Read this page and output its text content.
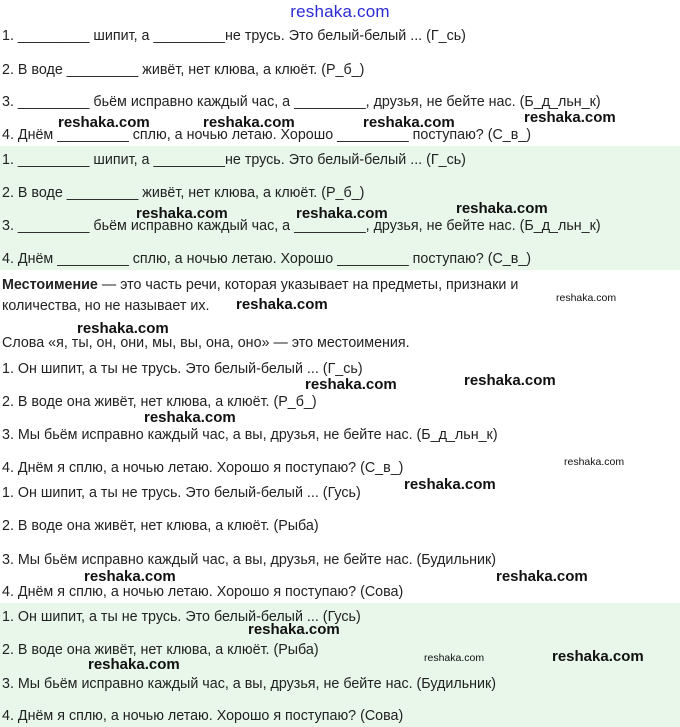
reshaka.com
1. _________ шипит, а _________не трусь. Это белый-белый ... (Г_сь)
2. В воде _________ живёт, нет клюва, а клюёт. (Р_б_)
3. _________ бьём исправно каждый час, а _________, друзья, не бейте нас. (Б_д_льн_к)
4. Днём _________ сплю, а ночью летаю. Хорошо _________ поступаю? (С_в_)
1. _________ шипит, а _________не трусь. Это белый-белый ... (Г_сь)
2. В воде _________ живёт, нет клюва, а клюёт. (Р_б_)
3. _________ бьём исправно каждый час, а _________, друзья, не бейте нас. (Б_д_льн_к)
4. Днём _________ сплю, а ночью летаю. Хорошо _________ поступаю? (С_в_)
Местоимение — это часть речи, которая указывает на предметы, признаки и
количества, но не называет их.
Слова «я, ты, он, они, мы, вы, она, оно» — это местоимения.
1. Он шипит, а ты не трусь. Это белый-белый ... (Г_сь)
2. В воде она живёт, нет клюва, а клюёт. (Р_б_)
3. Мы бьём исправно каждый час, а вы, друзья, не бейте нас. (Б_д_льн_к)
4. Днём я сплю, а ночью летаю. Хорошо я поступаю? (С_в_)
1. Он шипит, а ты не трусь. Это белый-белый ... (Гусь)
2. В воде она живёт, нет клюва, а клюёт. (Рыба)
3. Мы бьём исправно каждый час, а вы, друзья, не бейте нас. (Будильник)
4. Днём я сплю, а ночью летаю. Хорошо я поступаю? (Сова)
1. Он шипит, а ты не трусь. Это белый-белый ... (Гусь)
2. В воде она живёт, нет клюва, а клюёт. (Рыба)
3. Мы бьём исправно каждый час, а вы, друзья, не бейте нас. (Будильник)
4. Днём я сплю, а ночью летаю. Хорошо я поступаю? (Сова)
reshaka.com	reshaka.com	reshaka.com	reshaka.com
reshaka.com	reshaka.com	reshaka.com
reshaka.com	reshaka.com
reshaka.com
reshaka.com	reshaka.com
reshaka.com
reshaka.com
reshaka.com
reshaka.com	reshaka.com
reshaka.com
reshaka.com	reshaka.com
reshaka.com
